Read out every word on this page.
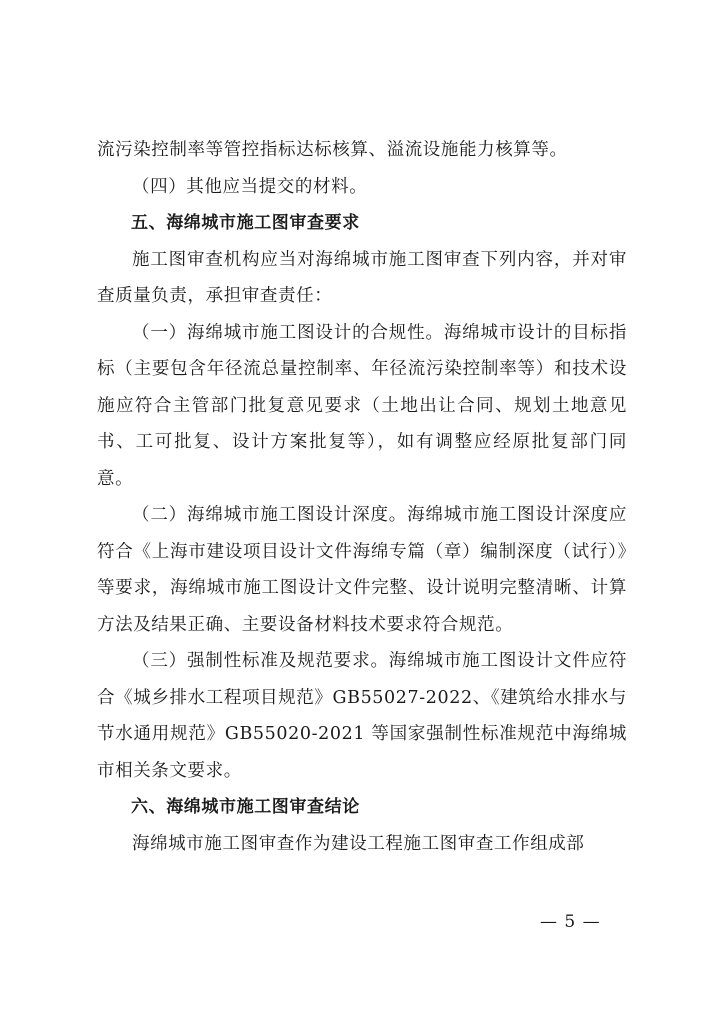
流污染控制率等管控指标达标核算、溢流设施能力核算等。

（四）其他应当提交的材料。

五、海绵城市施工图审查要求

施工图审查机构应当对海绵城市施工图审查下列内容，并对审查质量负责，承担审查责任：

（一）海绵城市施工图设计的合规性。海绵城市设计的目标指标（主要包含年径流总量控制率、年径流污染控制率等）和技术设施应符合主管部门批复意见要求（土地出让合同、规划土地意见书、工可批复、设计方案批复等），如有调整应经原批复部门同意。

（二）海绵城市施工图设计深度。海绵城市施工图设计深度应符合《上海市建设项目设计文件海绵专篇（章）编制深度（试行）》等要求，海绵城市施工图设计文件完整、设计说明完整清晰、计算方法及结果正确、主要设备材料技术要求符合规范。

（三）强制性标准及规范要求。海绵城市施工图设计文件应符合《城乡排水工程项目规范》GB55027-2022、《建筑给水排水与节水通用规范》GB55020-2021 等国家强制性标准规范中海绵城市相关条文要求。

六、海绵城市施工图审查结论

海绵城市施工图审查作为建设工程施工图审查工作组成部

— 5 —
